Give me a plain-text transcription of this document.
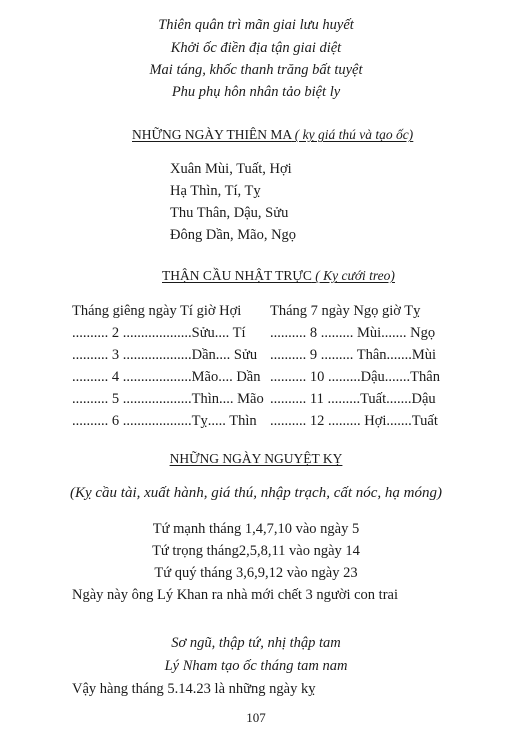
Thiên quân trì mãn giai lưu huyết
Khởi ốc điền địa tận giai diệt
Mai táng, khốc thanh trăng bất tuyệt
Phu phụ hôn nhân tảo biệt ly
NHỮNG NGÀY THIÊN MA ( kỵ giá thú và tạo ốc)
Xuân Mùi, Tuất, Hợi
Hạ Thìn, Tí, Tỵ
Thu Thân, Dậu, Sửu
Đông Dần, Mão, Ngọ
THẬN CẦU NHẬT TRỰC ( Kỵ cưới treo)
Tháng giêng ngày Tí giờ Hợi
.......... 2 ...................Sửu.... Tí
.......... 3 ...................Dần.... Sửu
.......... 4 ...................Mão.... Dần
.......... 5 ...................Thìn.... Mão
.......... 6 ...................Tỵ..... Thìn
Tháng 7 ngày Ngọ giờ Tỵ
.......... 8 ......... Mùi....... Ngọ
.......... 9 ......... Thân.......Mùi
.......... 10 .........Dậu.......Thân
.......... 11 .........Tuất.......Dậu
.......... 12 ......... Hợi.......Tuất
NHỮNG NGÀY NGUYỆT KỴ
(Kỵ cầu tài, xuất hành, giá thú, nhập trạch, cất nóc, hạ móng)
Tứ mạnh tháng 1,4,7,10 vào ngày 5
Tứ trọng tháng2,5,8,11 vào ngày 14
Tứ quý tháng 3,6,9,12 vào ngày 23
Ngày này ông Lý Khan ra nhà mới chết 3 người con trai
Sơ ngũ, thập tứ, nhị thập tam
Lý Nham tạo ốc tháng tam nam
Vậy hàng tháng 5.14.23 là những ngày kỵ
107
